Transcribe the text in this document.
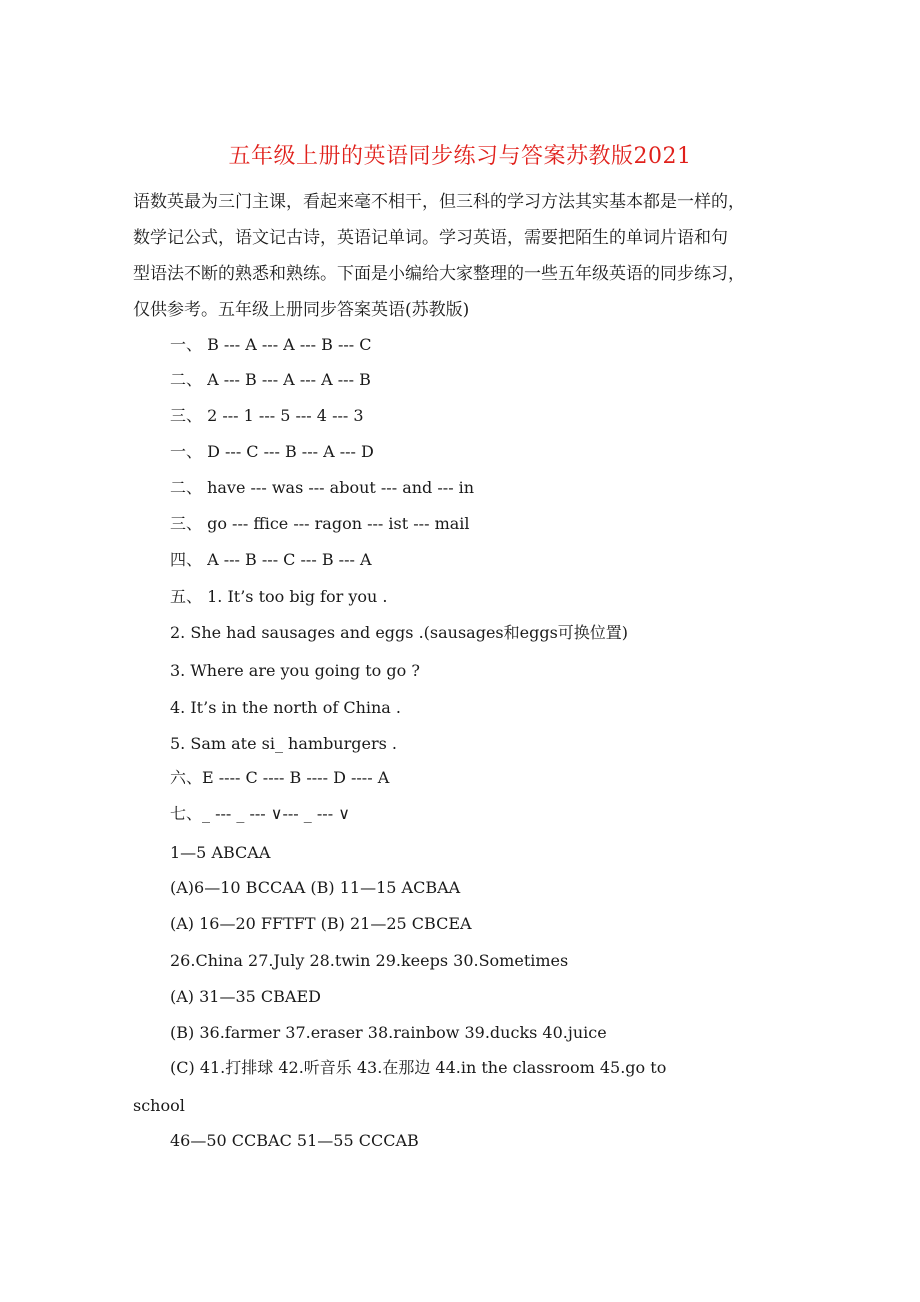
五年级上册的英语同步练习与答案苏教版2021

语数英最为三门主课，看起来毫不相干，但三科的学习方法其实基本都是一样的，

数学记公式，语文记古诗，英语记单词。学习英语，需要把陌生的单词片语和句

型语法不断的熟悉和熟练。下面是小编给大家整理的一些五年级英语的同步练习，

仅供参考。五年级上册同步答案英语(苏教版)

一、 B --- A --- A --- B --- C
二、 A --- B --- A --- A --- B
三、 2 --- 1 --- 5 --- 4 --- 3
一、 D --- C --- B --- A --- D
二、 have --- was --- about --- and --- in
三、 go --- ffice --- ragon --- ist --- mail
四、 A --- B --- C --- B --- A
五、 1. It’s too big for you .
2. She had sausages and eggs .(sausages和eggs可换位置)
3. Where are you going to go ?
4. It’s in the north of China .
5. Sam ate si_ hamburgers .
六、E ---- C ---- B ---- D ---- A
七、_ --- _ --- ∨--- _ --- ∨
1—5 ABCAA
(A)6—10 BCCAA (B) 11—15 ACBAA
(A) 16—20 FFTFT (B) 21—25 CBCEA
26.China 27.July 28.twin 29.keeps 30.Sometimes
(A) 31—35 CBAED
(B) 36.farmer 37.eraser 38.rainbow 39.ducks 40.juice
(C) 41.打排球 42.听音乐 43.在那边 44.in the classroom 45.go to
school
46—50 CCBAC 51—55 CCCAB
